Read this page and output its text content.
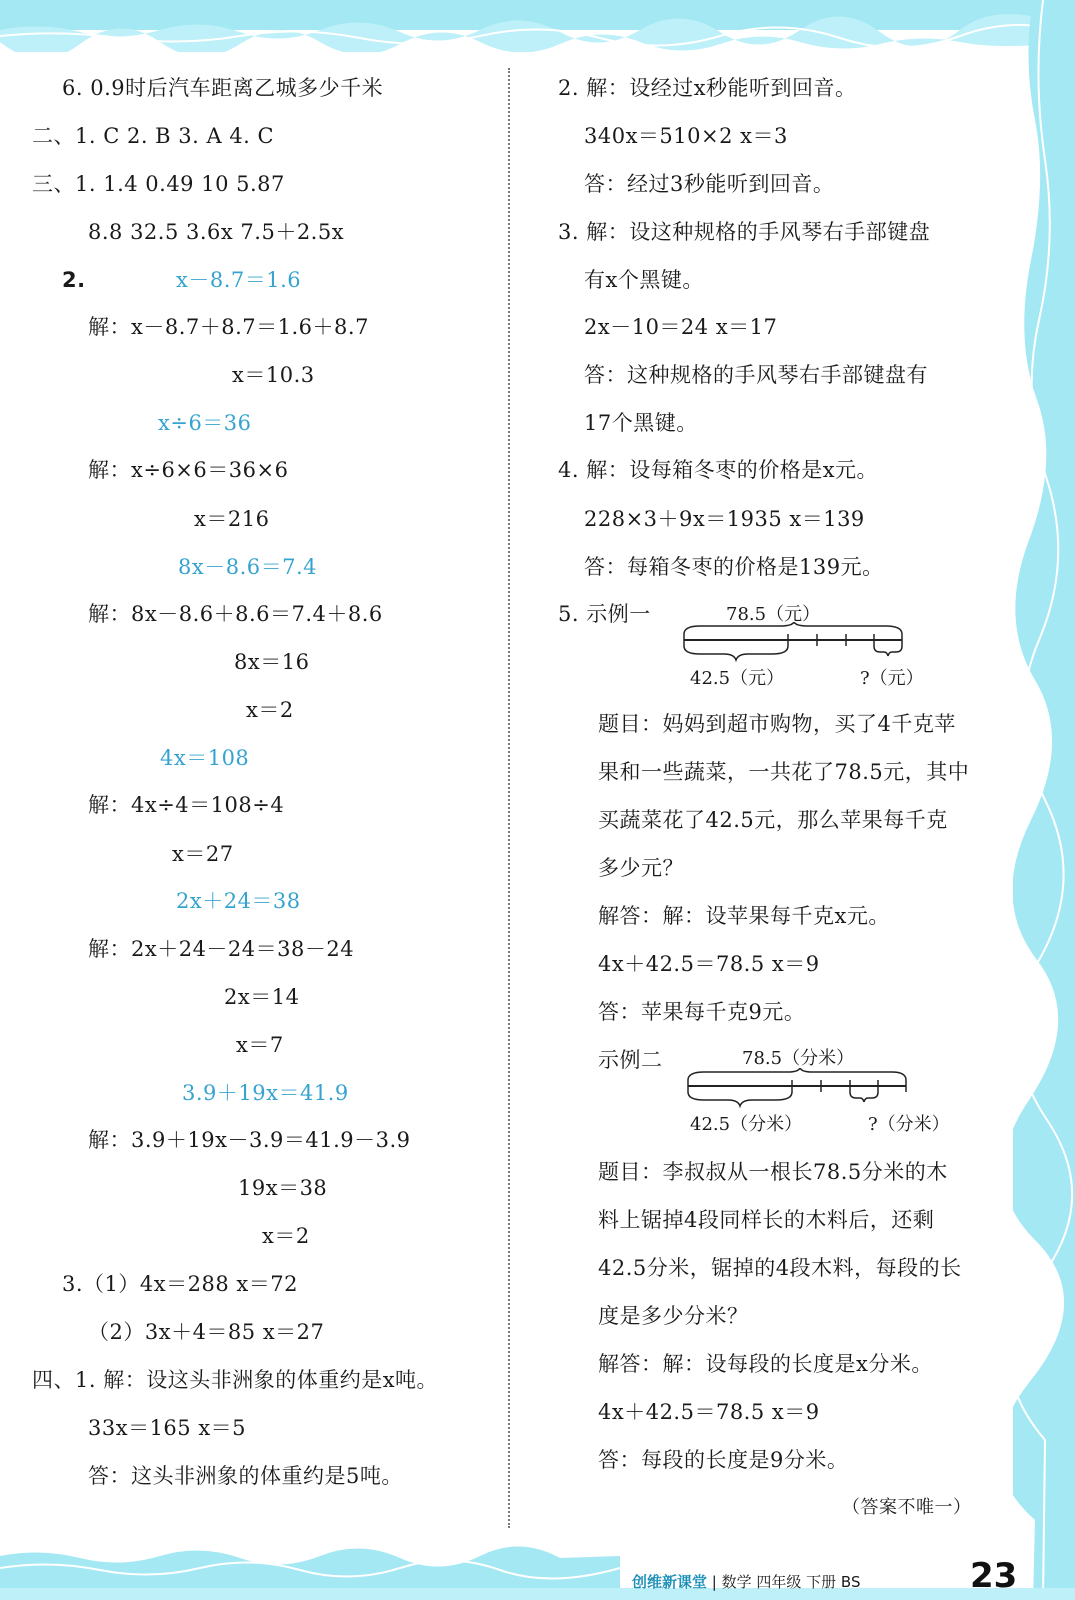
6. 0.9时后汽车距离乙城多少千米
二、1. C 2. B 3. A 4. C
三、1. 1.4 0.49 10 5.87
8.8 32.5 3.6x 7.5＋2.5x
2.	x－8.7＝1.6
解：x－8.7＋8.7＝1.6＋8.7
x＝10.3
x÷6＝36
解：x÷6×6＝36×6
x＝216
8x－8.6＝7.4
解：8x－8.6＋8.6＝7.4＋8.6
8x＝16
x＝2
4x＝108
解：4x÷4＝108÷4
x＝27
2x＋24＝38
解：2x＋24－24＝38－24
2x＝14
x＝7
3.9＋19x＝41.9
解：3.9＋19x－3.9＝41.9－3.9
19x＝38
x＝2
3.（1）4x＝288 x＝72
（2）3x＋4＝85 x＝27
四、1. 解：设这头非洲象的体重约是x吨。
33x＝165 x＝5
答：这头非洲象的体重约是5吨。
2. 解：设经过x秒能听到回音。
340x＝510×2 x＝3
答：经过3秒能听到回音。
3. 解：设这种规格的手风琴右手部键盘
有x个黑键。
2x－10＝24 x＝17
答：这种规格的手风琴右手部键盘有
17个黑键。
4. 解：设每箱冬枣的价格是x元。
228×3＋9x＝1935 x＝139
答：每箱冬枣的价格是139元。
5. 示例一	78.5（元）
42.5（元）	?（元）
题目：妈妈到超市购物，买了4千克苹
果和一些蔬菜，一共花了78.5元，其中
买蔬菜花了42.5元，那么苹果每千克
多少元？
解答：解：设苹果每千克x元。
4x＋42.5＝78.5 x＝9
答：苹果每千克9元。
示例二	78.5（分米）
42.5（分米）	?（分米）
题目：李叔叔从一根长78.5分米的木
料上锯掉4段同样长的木料后，还剩
42.5分米，锯掉的4段木料，每段的长
度是多少分米？
解答：解：设每段的长度是x分米。
4x＋42.5＝78.5 x＝9
答：每段的长度是9分米。
（答案不唯一）
创维新课堂 | 数学 四年级 下册 BS	23
